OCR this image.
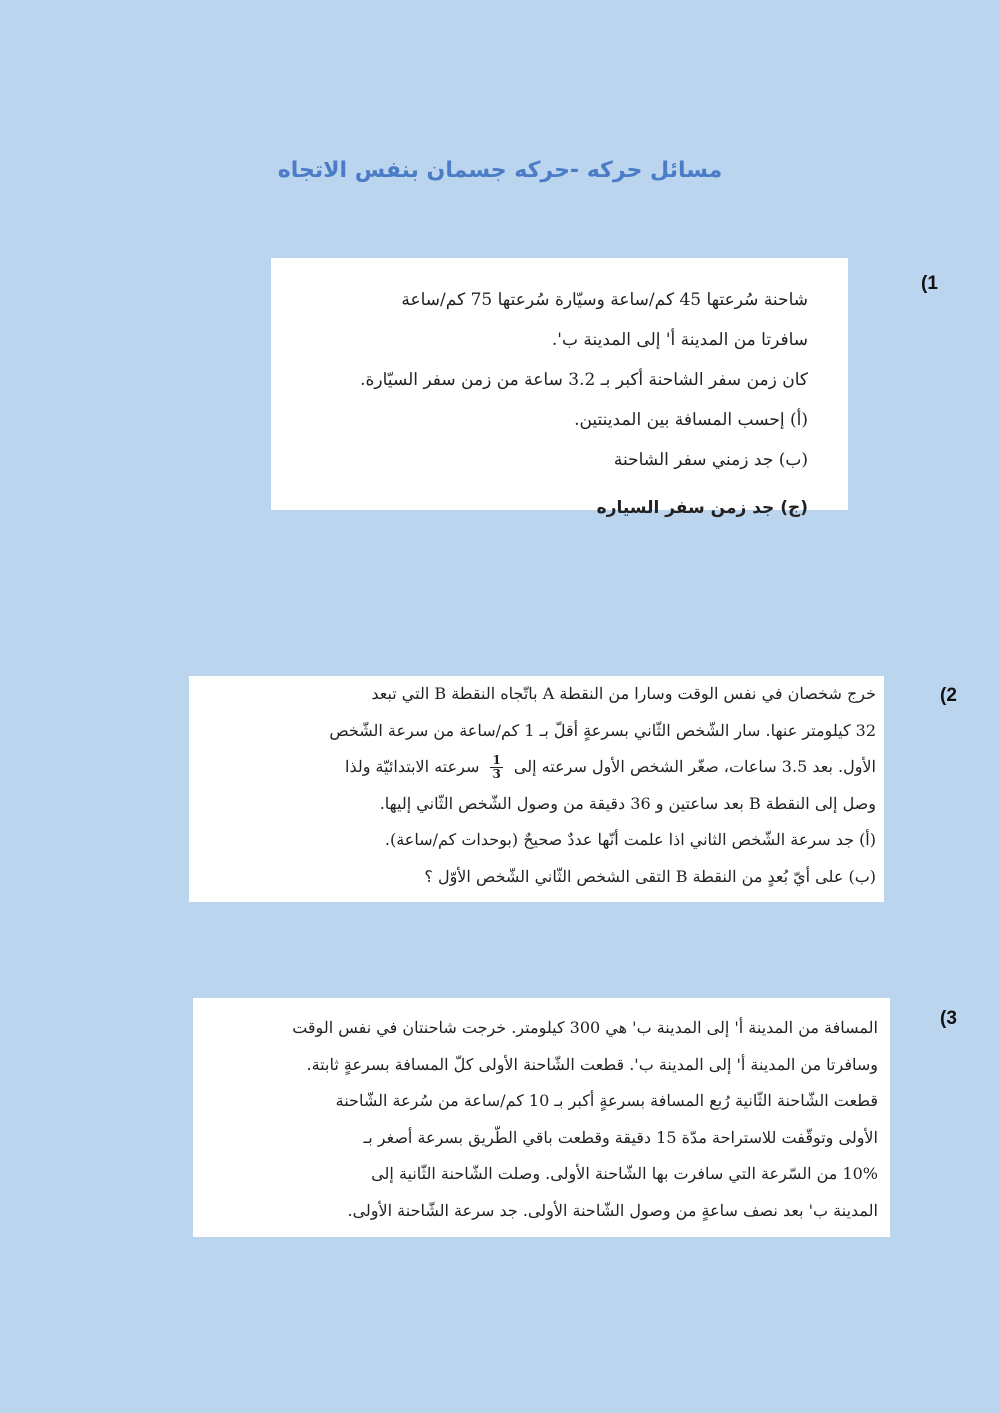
مسائل حركه -حركه جسمان بنفس الاتجاه
(1

شاحنة سُرعتها 45 كم/ساعة وسيّارة سُرعتها 75 كم/ساعة

سافرتا من المدينة أ' إلى المدينة ب'.

كان زمن سفر الشاحنة أكبر بـ 3.2 ساعة من زمن سفر السيّارة.

(أ) إحسب المسافة بين المدينتين.

(ب) جد زمني سفر الشاحنة

(ج) جد زمن سفر السياره

(2

خرج شخصان في نفس الوقت وسارا من النقطة A باتّجاه النقطة B التي تبعد

32 كيلومتر عنها. سار الشّخص الثّاني بسرعةٍ أقلّ بـ 1 كم/ساعة من سرعة الشّخص

الأول. بعد 3.5 ساعات، صغّر الشخص الأول سرعته إلى
$\frac{1}{3}$
سرعته الابتدائيّة ولذا

وصل إلى النقطة B بعد ساعتين و 36 دقيقة من وصول الشّخص الثّاني إليها.

(أ) جد سرعة الشّخص الثاني اذا علمت أنّها عددٌ صحيحٌ (بوحدات كم/ساعة).

(ب) على أيّ بُعدٍ من النقطة B التقى الشخص الثّاني الشّخص الأوّل ؟

(3

المسافة من المدينة أ' إلى المدينة ب' هي 300 كيلومتر. خرجت شاحنتان في نفس الوقت

وسافرتا من المدينة أ' إلى المدينة ب'. قطعت الشّاحنة الأولى كلّ المسافة بسرعةٍ ثابتة.

قطعت الشّاحنة الثّانية رُبع المسافة بسرعةٍ أكبر بـ 10 كم/ساعة من سُرعة الشّاحنة

الأولى وتوقّفت للاستراحة مدّة 15 دقيقة وقطعت باقي الطّريق بسرعة أصغر بـ

10% من السّرعة التي سافرت بها الشّاحنة الأولى. وصلت الشّاحنة الثّانية إلى

المدينة ب' بعد نصف ساعةٍ من وصول الشّاحنة الأولى. جد سرعة الشّاحنة الأولى.
